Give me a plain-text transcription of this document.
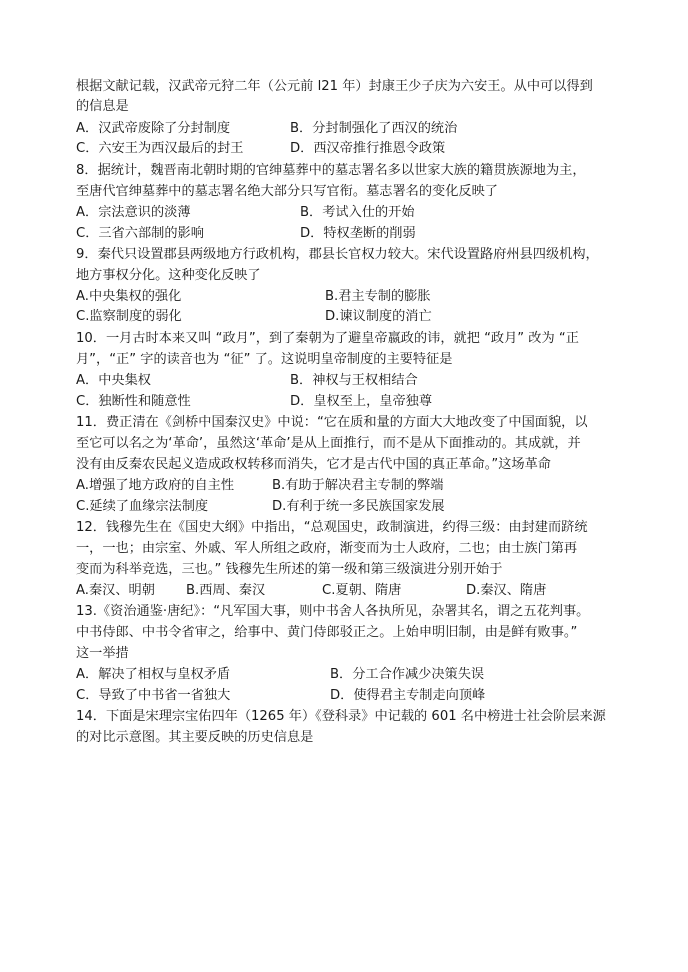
根据文献记载，汉武帝元狩二年（公元前 l21 年）封康王少子庆为六安王。从中可以得到
的信息是
A．汉武帝废除了分封制度	B．分封制强化了西汉的统治
C．六安王为西汉最后的封王	D．西汉帝推行推恩令政策
8．据统计，魏晋南北朝时期的官绅墓葬中的墓志署名多以世家大族的籍贯族源地为主，
至唐代官绅墓葬中的墓志署名绝大部分只写官衔。墓志署名的变化反映了
A．宗法意识的淡薄	B．考试入仕的开始
C．三省六部制的影响	D．特权垄断的削弱
9．秦代只设置郡县两级地方行政机构，郡县长官权力较大。宋代设置路府州县四级机构，
地方事权分化。这种变化反映了
A.中央集权的强化	B.君主专制的膨胀
C.监察制度的弱化	D.谏议制度的消亡
10．一月古时本来又叫 “政月”，到了秦朝为了避皇帝嬴政的讳，就把 “政月” 改为 “正
月”，“正” 字的读音也为 “征” 了。这说明皇帝制度的主要特征是
A．中央集权	B．神权与王权相结合
C．独断性和随意性	D．皇权至上，皇帝独尊
11．费正清在《剑桥中国秦汉史》中说：“它在质和量的方面大大地改变了中国面貌，以
至它可以名之为‘革命’，虽然这‘革命’是从上面推行，而不是从下面推动的。其成就，并
没有由反秦农民起义造成政权转移而消失，它才是古代中国的真正革命。”这场革命
A.增强了地方政府的自主性	B.有助于解决君主专制的弊端
C.延续了血缘宗法制度	D.有利于统一多民族国家发展
12．钱穆先生在《国史大纲》中指出，“总观国史，政制演进，约得三级：由封建而跻统
一，一也；由宗室、外戚、军人所组之政府，渐变而为士人政府，二也；由士族门第再
变而为科举竞选，三也。” 钱穆先生所述的第一级和第三级演进分别开始于
A.秦汉、明朝 B.西周、秦汉	C.夏朝、隋唐	D.秦汉、隋唐
13.《资治通鉴·唐纪》：“凡军国大事，则中书舍人各执所见，杂署其名，谓之五花判事。
中书侍郎、中书令省审之，给事中、黄门侍郎驳正之。上始申明旧制，由是鲜有败事。”
这一举措
A．解决了相权与皇权矛盾	B．分工合作减少决策失误
C．导致了中书省一省独大	D．使得君主专制走向顶峰
14．下面是宋理宗宝佑四年（1265 年）《登科录》中记载的 601 名中榜进士社会阶层来源
的对比示意图。其主要反映的历史信息是
